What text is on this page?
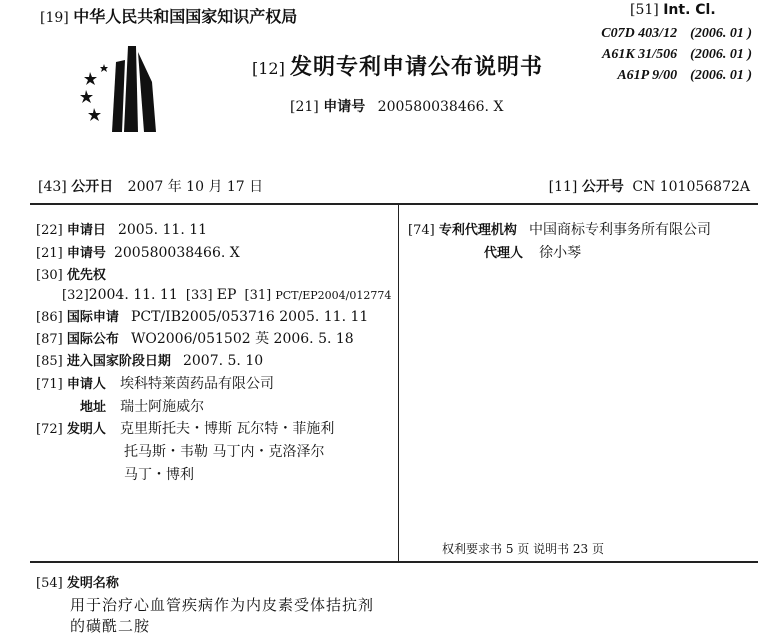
[19] 中华人民共和国国家知识产权局
[12] 发明专利申请公布说明书
[21] 申请号 200580038466. X
[51] Int. Cl.
C07D 403/12 (2006. 01 )
A61K 31/506 (2006. 01 )
A61P 9/00 (2006. 01 )
[43] 公开日 2007 年 10 月 17 日	[11] 公开号 CN 101056872A
[22] 申请日 2005. 11. 11
[21] 申请号 200580038466. X
[30] 优先权
[32]2004. 11. 11 [33] EP [31] PCT/EP2004/012774
[86] 国际申请 PCT/IB2005/053716 2005. 11. 11
[87] 国际公布 WO2006/051502 英 2006. 5. 18
[85] 进入国家阶段日期 2007. 5. 10
[71] 申请人 埃科特莱茵药品有限公司
地址 瑞士阿施威尔
[72] 发明人 克里斯托夫・博斯 瓦尔特・菲施利
托马斯・韦勒 马丁内・克洛泽尔
马丁・博利
[74] 专利代理机构 中国商标专利事务所有限公司
代理人 徐小琴
权利要求书 5 页 说明书 23 页
[54] 发明名称
用于治疗心血管疾病作为内皮素受体拮抗剂
的磺酰二胺
